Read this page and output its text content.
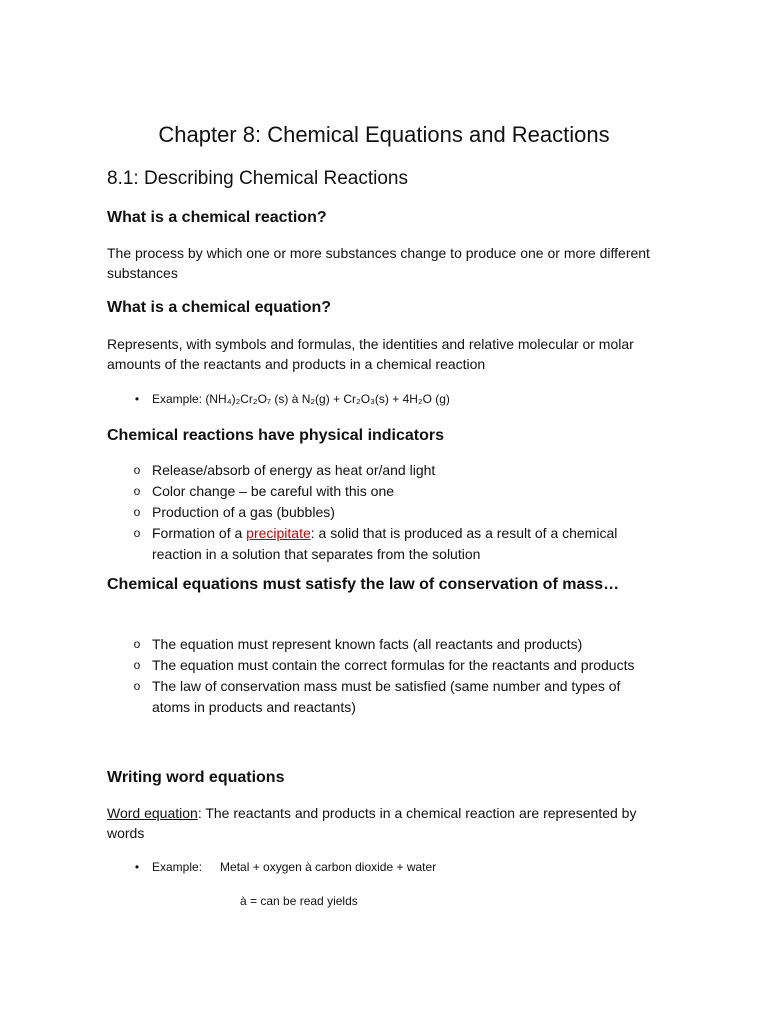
Chapter 8: Chemical Equations and Reactions
8.1: Describing Chemical Reactions
What is a chemical reaction?

The process by which one or more substances change to produce one or more different substances

What is a chemical equation?

Represents, with symbols and formulas, the identities and relative molecular or molar amounts of the reactants and products in a chemical reaction

•	Example: (NH₄)₂Cr₂O₇ (s) à N₂(g) + Cr₂O₃(s) + 4H₂O (g)
Chemical reactions have physical indicators
o Release/absorb of energy as heat or/and light
o Color change – be careful with this one
o Production of a gas (bubbles)
o Formation of a precipitate: a solid that is produced as a result of a chemical reaction in a solution that separates from the solution
Chemical equations must satisfy the law of conservation of mass…
o The equation must represent known facts (all reactants and products)
o The equation must contain the correct formulas for the reactants and products
o The law of conservation mass must be satisfied (same number and types of atoms in products and reactants)
Writing word equations

Word equation: The reactants and products in a chemical reaction are represented by words

•	Example: Metal + oxygen à carbon dioxide + water
à = can be read yields
